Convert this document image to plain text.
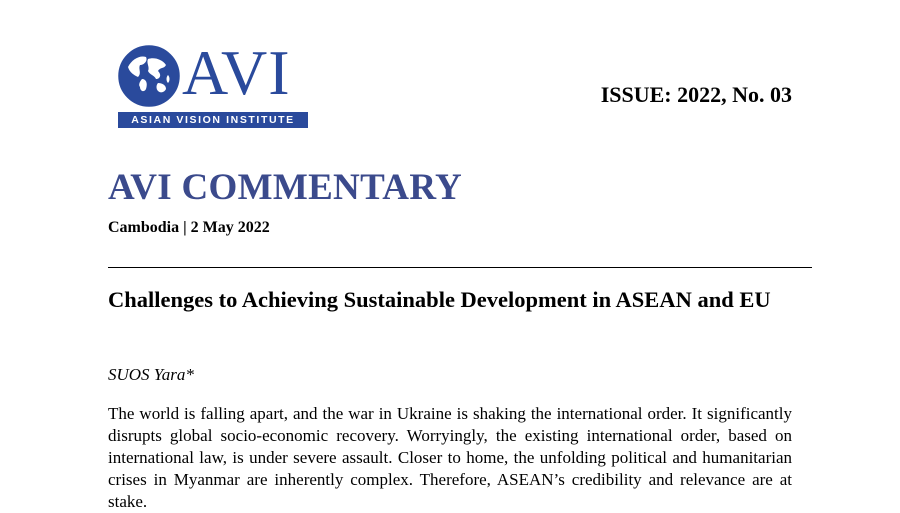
AVI
ASIAN VISION INSTITUTE
ISSUE: 2022, No. 03
AVI COMMENTARY
Cambodia | 2 May 2022
Challenges to Achieving Sustainable Development in ASEAN and EU
SUOS Yara*

The world is falling apart, and the war in Ukraine is shaking the international order. It significantly disrupts global socio-economic recovery. Worryingly, the existing international order, based on international law, is under severe assault. Closer to home, the unfolding political and humanitarian crises in Myanmar are inherently complex. Therefore, ASEAN’s credibility and relevance are at stake.
